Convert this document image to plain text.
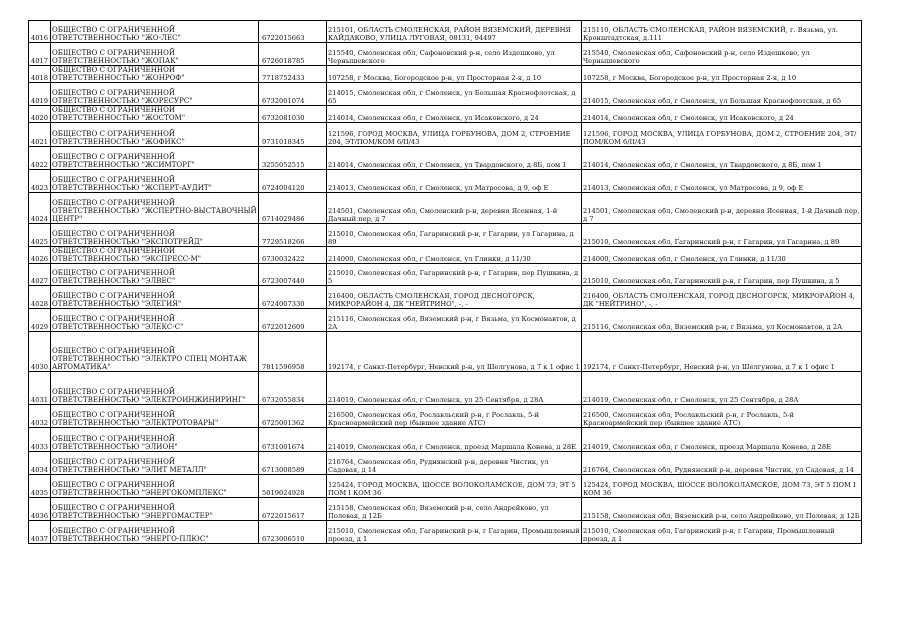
4016	ОБЩЕСТВО С ОГРАНИЧЕННОЙ ОТВЕТСТВЕННОСТЬЮ "ЖО-ЛЕС"	6722015663	215101, ОБЛАСТЬ СМОЛЕНСКАЯ, РАЙОН ВЯЗЕМСКИЙ, ДЕРЕВНЯ КАЙДАКОВО, УЛИЦА ЛУГОВАЯ, 08131, 94497	215110, ОБЛАСТЬ СМОЛЕНСКАЯ, РАЙОН ВЯЗЕМСКИЙ, г. Вязьма, ул. Кронштадтская, д.111
4017	ОБЩЕСТВО С ОГРАНИЧЕННОЙ ОТВЕТСТВЕННОСТЬЮ "ЖОПАК"	6726018785	215540, Смоленская обл, Сафоновский р-н, село Издешково, ул Чернышевского	215540, Смоленская обл, Сафоновский р-н, село Издешково, ул Чернышевского
4018	ОБЩЕСТВО С ОГРАНИЧЕННОЙ ОТВЕТСТВЕННОСТЬЮ "ЖОНРОФ"	7718752433	107258, г Москва, Богородское р-н, ул Просторная 2-я, д 10	107258, г Москва, Богородское р-н, ул Просторная 2-я, д 10
4019	ОБЩЕСТВО С ОГРАНИЧЕННОЙ ОТВЕТСТВЕННОСТЬЮ "ЖОРЕСУРС"	6732001074	214015, Смоленская обл, г Смоленск, ул Большая Краснофлотская, д 65	214015, Смоленская обл, г Смоленск, ул Большая Краснофлотская, д 65
4020	ОБЩЕСТВО С ОГРАНИЧЕННОЙ ОТВЕТСТВЕННОСТЬЮ "ЖОСТОМ"	6732081030	214014, Смоленская обл, г Смоленск, ул Исаковского, д 24	214014, Смоленская обл, г Смоленск, ул Исаковского, д 24
4021	ОБЩЕСТВО С ОГРАНИЧЕННОЙ ОТВЕТСТВЕННОСТЬЮ "ЖОФИКС"	9731018345	121596, ГОРОД МОСКВА, УЛИЦА ГОРБУНОВА, ДОМ 2, СТРОЕНИЕ 204, ЭТ/ПОМ/КОМ 6/II/43	121596, ГОРОД МОСКВА, УЛИЦА ГОРБУНОВА, ДОМ 2, СТРОЕНИЕ 204, ЭТ/ПОМ/КОМ 6/II/43
4022	ОБЩЕСТВО С ОГРАНИЧЕННОЙ ОТВЕТСТВЕННОСТЬЮ "ЖСИМТОРГ"	3255052515	214014, Смоленская обл, г Смоленск, ул Твардовского, д 8Б, пом 1	214014, Смоленская обл, г Смоленск, ул Твардовского, д 8Б, пом 1
4023	ОБЩЕСТВО С ОГРАНИЧЕННОЙ ОТВЕТСТВЕННОСТЬЮ "ЖСПЕРТ-АУДИТ"	6724004120	214013, Смоленская обл, г Смоленск, ул Матросова, д 9, оф Е	214013, Смоленская обл, г Смоленск, ул Матросова, д 9, оф Е
4024	ОБЩЕСТВО С ОГРАНИЧЕННОЙ ОТВЕТСТВЕННОСТЬЮ "ЖСПЕРТНО-ВЫСТАВОЧНЫЙ ЦЕНТР"	6714029486	214501, Смоленская обл, Смоленский р-н, деревня Ясенная, 1-й Дачный пер, д 7	214501, Смоленская обл, Смоленский р-н, деревня Ясенная, 1-й Дачный пер, д 7
4025	ОБЩЕСТВО С ОГРАНИЧЕННОЙ ОТВЕТСТВЕННОСТЬЮ "ЭКСПОТРЕЙД"	7729518266	215010, Смоленская обл, Гагаринский р-н, г Гагарин, ул Гагарина, д 89	215010, Смоленская обл, Гагаринский р-н, г Гагарин, ул Гагарина, д 89
4026	ОБЩЕСТВО С ОГРАНИЧЕННОЙ ОТВЕТСТВЕННОСТЬЮ "ЭКСПРЕСС-М"	6730032422	214000, Смоленская обл, г Смоленск, ул Глинки, д 11/30	214000, Смоленская обл, г Смоленск, ул Глинки, д 11/30
4027	ОБЩЕСТВО С ОГРАНИЧЕННОЙ ОТВЕТСТВЕННОСТЬЮ "ЭЛВЕС"	6723007440	215010, Смоленская обл, Гагаринский р-н, г Гагарин, пер Пушкина, д 5	215010, Смоленская обл, Гагаринский р-н, г Гагарин, пер Пушкина, д 5
4028	ОБЩЕСТВО С ОГРАНИЧЕННОЙ ОТВЕТСТВЕННОСТЬЮ "ЭЛЕГИЯ"	6724007330	216400, ОБЛАСТЬ СМОЛЕНСКАЯ, ГОРОД ДЕСНОГОРСК, МИКРОРАЙОН 4, ДК "НЕЙТРИНО", -, -	216400, ОБЛАСТЬ СМОЛЕНСКАЯ, ГОРОД ДЕСНОГОРСК, МИКРОРАЙОН 4, ДК "НЕЙТРИНО", -, -
4029	ОБЩЕСТВО С ОГРАНИЧЕННОЙ ОТВЕТСТВЕННОСТЬЮ "ЭЛЕКС-С"	6722012609	215116, Смоленская обл, Вяземский р-н, г Вязьма, ул Космонавтов, д 2А	215116, Смоленская обл, Вяземский р-н, г Вязьма, ул Космонавтов, д 2А
4030	ОБЩЕСТВО С ОГРАНИЧЕННОЙ ОТВЕТСТВЕННОСТЬЮ "ЭЛЕКТРО СПЕЦ МОНТАЖ АВТОМАТИКА"	7811596958	192174, г Санкт-Петербург, Невский р-н, ул Шелгунова, д 7 к 1 офис 1	192174, г Санкт-Петербург, Невский р-н, ул Шелгунова, д 7 к 1 офис 1
4031	ОБЩЕСТВО С ОГРАНИЧЕННОЙ ОТВЕТСТВЕННОСТЬЮ "ЭЛЕКТРОИНЖИНИРИНГ"	6732055834	214019, Смоленская обл, г Смоленск, ул 25 Сентября, д 28А	214019, Смоленская обл, г Смоленск, ул 25 Сентября, д 28А
4032	ОБЩЕСТВО С ОГРАНИЧЕННОЙ ОТВЕТСТВЕННОСТЬЮ "ЭЛЕКТРОТОВАРЫ"	6725001362	216500, Смоленская обл, Рославльский р-н, г Рославль, 5-й Красноармейский пер (бывшее здание АТС)	216500, Смоленская обл, Рославльский р-н, г Рославль, 5-й Красноармейский пер (бывшее здание АТС)
4033	ОБЩЕСТВО С ОГРАНИЧЕННОЙ ОТВЕТСТВЕННОСТЬЮ "ЭЛИОН"	6731001674	214019, Смоленская обл, г Смоленск, проезд Маршала Конева, д 28Е	214019, Смоленская обл, г Смоленск, проезд Маршала Конева, д 28Е
4034	ОБЩЕСТВО С ОГРАНИЧЕННОЙ ОТВЕТСТВЕННОСТЬЮ "ЭЛИТ МЕТАЛЛ"	6713008589	216764, Смоленская обл, Руднянский р-н, деревня Чистик, ул Садовая, д 14	216764, Смоленская обл, Руднянский р-н, деревня Чистик, ул Садовая, д 14
4035	ОБЩЕСТВО С ОГРАНИЧЕННОЙ ОТВЕТСТВЕННОСТЬЮ "ЭНЕРГОКОМПЛЕКС"	5019024928	125424, ГОРОД МОСКВА, ШОССЕ ВОЛОКОЛАМСКОЕ, ДОМ 73, ЭТ 5 ПОМ I КОМ 36	125424, ГОРОД МОСКВА, ШОССЕ ВОЛОКОЛАМСКОЕ, ДОМ 73, ЭТ 5 ПОМ I КОМ 36
4036	ОБЩЕСТВО С ОГРАНИЧЕННОЙ ОТВЕТСТВЕННОСТЬЮ "ЭНЕРГОМАСТЕР"	6722015617	215158, Смоленская обл, Вяземский р-н, село Андрейково, ул Полевая, д 12Б	215158, Смоленская обл, Вяземский р-н, село Андрейково, ул Полевая, д 12Б
4037	ОБЩЕСТВО С ОГРАНИЧЕННОЙ ОТВЕТСТВЕННОСТЬЮ "ЭНЕРГО-ПЛЮС"	6723006510	215010, Смоленская обл, Гагаринский р-н, г Гагарин, Промышленный проезд, д 1	215010, Смоленская обл, Гагаринский р-н, г Гагарин, Промышленный проезд, д 1
